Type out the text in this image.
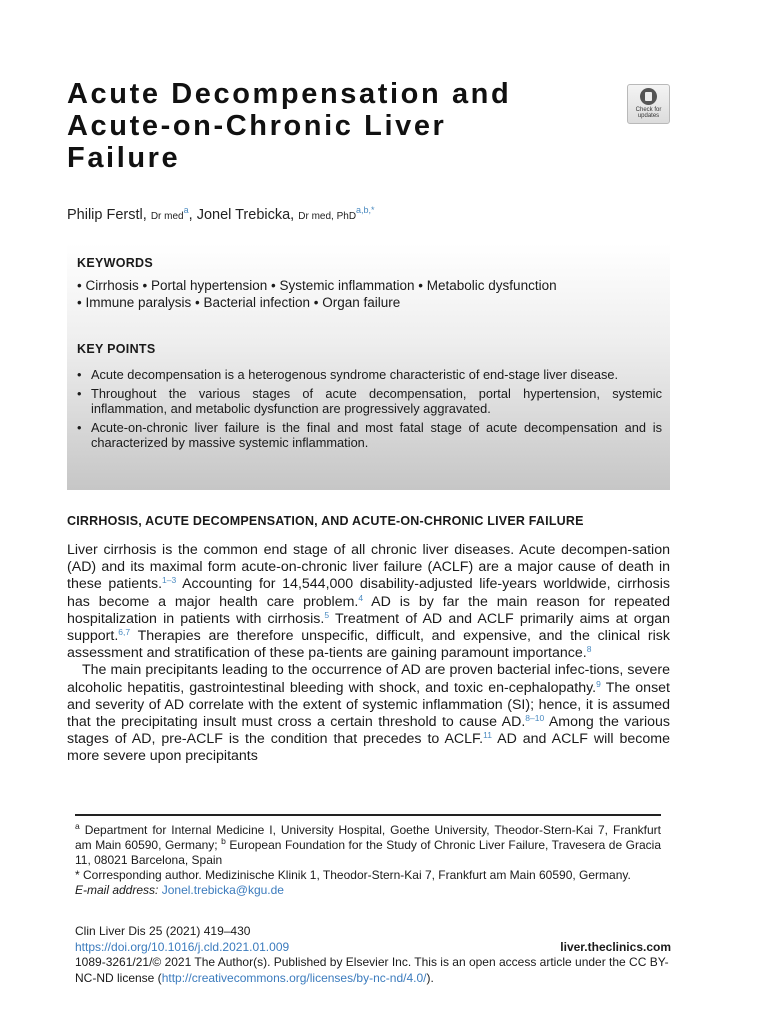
Acute Decompensation and
Acute-on-Chronic Liver
Failure
Check for updates
Philip Ferstl, Dr med$^a$, Jonel Trebicka, Dr med, PhD$^{a,b,*}$
KEYWORDS
• Cirrhosis • Portal hypertension • Systemic inflammation • Metabolic dysfunction
• Immune paralysis • Bacterial infection • Organ failure
KEY POINTS
• Acute decompensation is a heterogenous syndrome characteristic of end-stage liver disease.
• Throughout the various stages of acute decompensation, portal hypertension, systemic inflammation, and metabolic dysfunction are progressively aggravated.
• Acute-on-chronic liver failure is the final and most fatal stage of acute decompensation and is characterized by massive systemic inflammation.
CIRRHOSIS, ACUTE DECOMPENSATION, AND ACUTE-ON-CHRONIC LIVER FAILURE

Liver cirrhosis is the common end stage of all chronic liver diseases. Acute decompen-sation (AD) and its maximal form acute-on-chronic liver failure (ACLF) are a major cause of death in these patients.$^{1-3}$ Accounting for 14,544,000 disability-adjusted life-years worldwide, cirrhosis has become a major health care problem.$^4$ AD is by far the main reason for repeated hospitalization in patients with cirrhosis.$^5$ Treatment of AD and ACLF primarily aims at organ support.$^{6,7}$ Therapies are therefore unspecific, difficult, and expensive, and the clinical risk assessment and stratification of these pa-tients are gaining paramount importance.$^8$

The main precipitants leading to the occurrence of AD are proven bacterial infec-tions, severe alcoholic hepatitis, gastrointestinal bleeding with shock, and toxic en-cephalopathy.$^9$ The onset and severity of AD correlate with the extent of systemic inflammation (SI); hence, it is assumed that the precipitating insult must cross a certain threshold to cause AD.$^{8-10}$ Among the various stages of AD, pre-ACLF is the condition that precedes to ACLF.$^{11}$ AD and ACLF will become more severe upon precipitants

$^a$ Department for Internal Medicine I, University Hospital, Goethe University, Theodor-Stern-Kai 7, Frankfurt am Main 60590, Germany; $^b$ European Foundation for the Study of Chronic Liver Failure, Travesera de Gracia 11, 08021 Barcelona, Spain

* Corresponding author. Medizinische Klinik 1, Theodor-Stern-Kai 7, Frankfurt am Main 60590, Germany.

E-mail address: Jonel.trebicka@kgu.de

Clin Liver Dis 25 (2021) 419–430
https://doi.org/10.1016/j.cld.2021.01.009	liver.theclinics.com
1089-3261/21/© 2021 The Author(s). Published by Elsevier Inc. This is an open access article under the CC BY-NC-ND license (http://creativecommons.org/licenses/by-nc-nd/4.0/).
